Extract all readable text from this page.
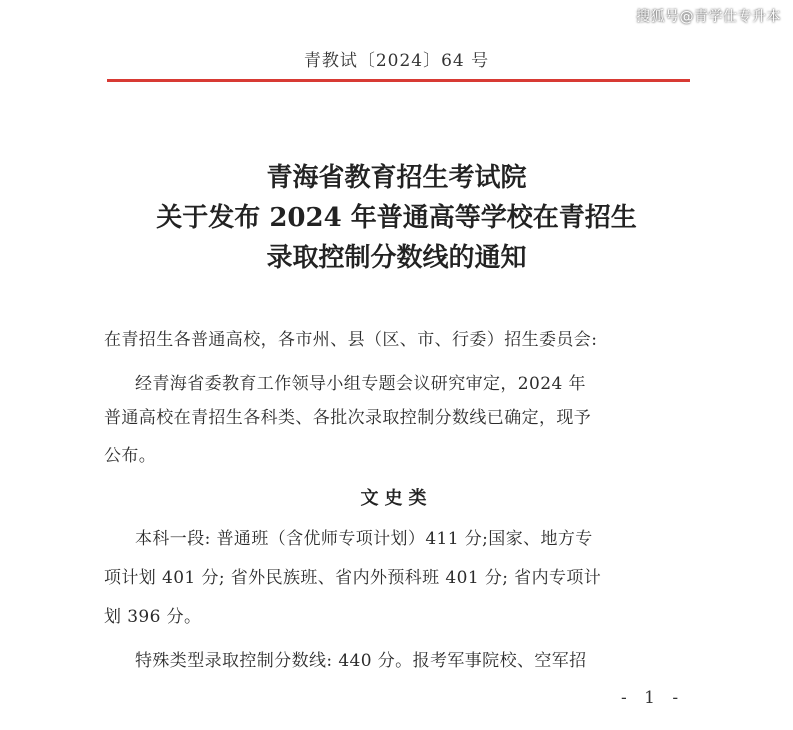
搜狐号@青学仕专升本
青教试〔2024〕64 号
青海省教育招生考试院
关于发布 2024 年普通高等学校在青招生
录取控制分数线的通知
在青招生各普通高校，各市州、县（区、市、行委）招生委员会:
经青海省委教育工作领导小组专题会议研究审定，2024 年
普通高校在青招生各科类、各批次录取控制分数线已确定，现予
公布。
文史类
本科一段: 普通班（含优师专项计划）411 分;国家、地方专
项计划 401 分; 省外民族班、省内外预科班 401 分; 省内专项计
划 396 分。
特殊类型录取控制分数线: 440 分。报考军事院校、空军招
- 1 -
